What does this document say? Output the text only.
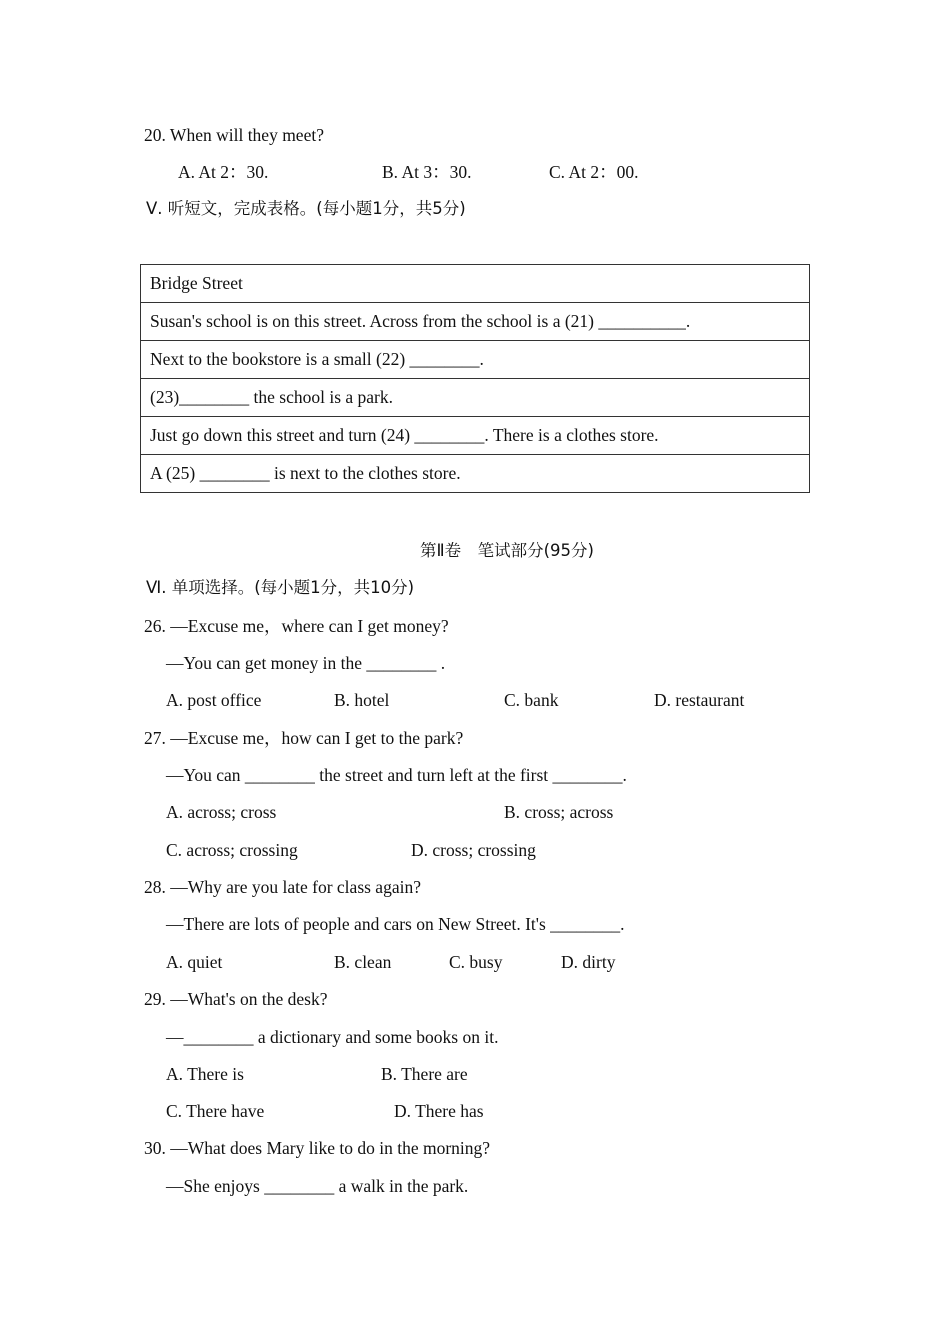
20. When will they meet?
A. At 2：30.	B. At 3：30.	C. At 2：00.
Ⅴ. 听短文，完成表格。(每小题1分，共5分)
Bridge Street
Susan's school is on this street. Across from the school is a (21) __________.
Next to the bookstore is a small (22) ________.
(23)________ the school is a park.
Just go down this street and turn (24) ________. There is a clothes store.
A (25) ________ is next to the clothes store.
第Ⅱ卷　笔试部分(95分)
Ⅵ. 单项选择。(每小题1分，共10分)
26. —Excuse me，where can I get money?
—You can get money in the ________ .
A. post office	B. hotel	C. bank	D. restaurant
27. —Excuse me，how can I get to the park?
—You can ________ the street and turn left at the first ________.
A. across; cross	B. cross; across
C. across; crossing	D. cross; crossing
28. —Why are you late for class again?
—There are lots of people and cars on New Street. It's ________.
A. quiet	B. clean	C. busy	D. dirty
29. —What's on the desk?
—________ a dictionary and some books on it.
A. There is	B. There are
C. There have	D. There has
30. —What does Mary like to do in the morning?
—She enjoys ________ a walk in the park.
